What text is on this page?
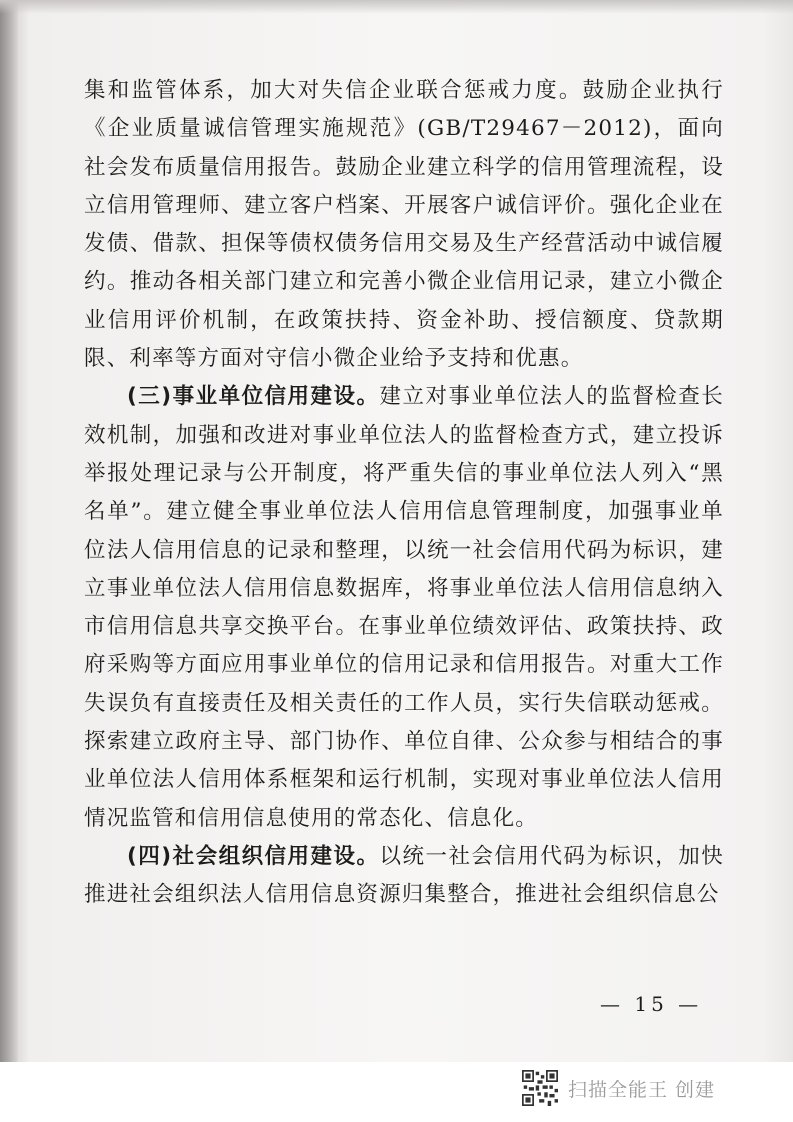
集和监管体系，加大对失信企业联合惩戒力度。鼓励企业执行《企业质量诚信管理实施规范》(GB/T29467－2012)，面向社会发布质量信用报告。鼓励企业建立科学的信用管理流程，设立信用管理师、建立客户档案、开展客户诚信评价。强化企业在发债、借款、担保等债权债务信用交易及生产经营活动中诚信履约。推动各相关部门建立和完善小微企业信用记录，建立小微企业信用评价机制，在政策扶持、资金补助、授信额度、贷款期限、利率等方面对守信小微企业给予支持和优惠。

(三)事业单位信用建设。建立对事业单位法人的监督检查长效机制，加强和改进对事业单位法人的监督检查方式，建立投诉举报处理记录与公开制度，将严重失信的事业单位法人列入“黑名单”。建立健全事业单位法人信用信息管理制度，加强事业单位法人信用信息的记录和整理，以统一社会信用代码为标识，建立事业单位法人信用信息数据库，将事业单位法人信用信息纳入市信用信息共享交换平台。在事业单位绩效评估、政策扶持、政府采购等方面应用事业单位的信用记录和信用报告。对重大工作失误负有直接责任及相关责任的工作人员，实行失信联动惩戒。探索建立政府主导、部门协作、单位自律、公众参与相结合的事业单位法人信用体系框架和运行机制，实现对事业单位法人信用情况监管和信用信息使用的常态化、信息化。

(四)社会组织信用建设。以统一社会信用代码为标识，加快推进社会组织法人信用信息资源归集整合，推进社会组织信息公

— 15 —
扫描全能王 创建
